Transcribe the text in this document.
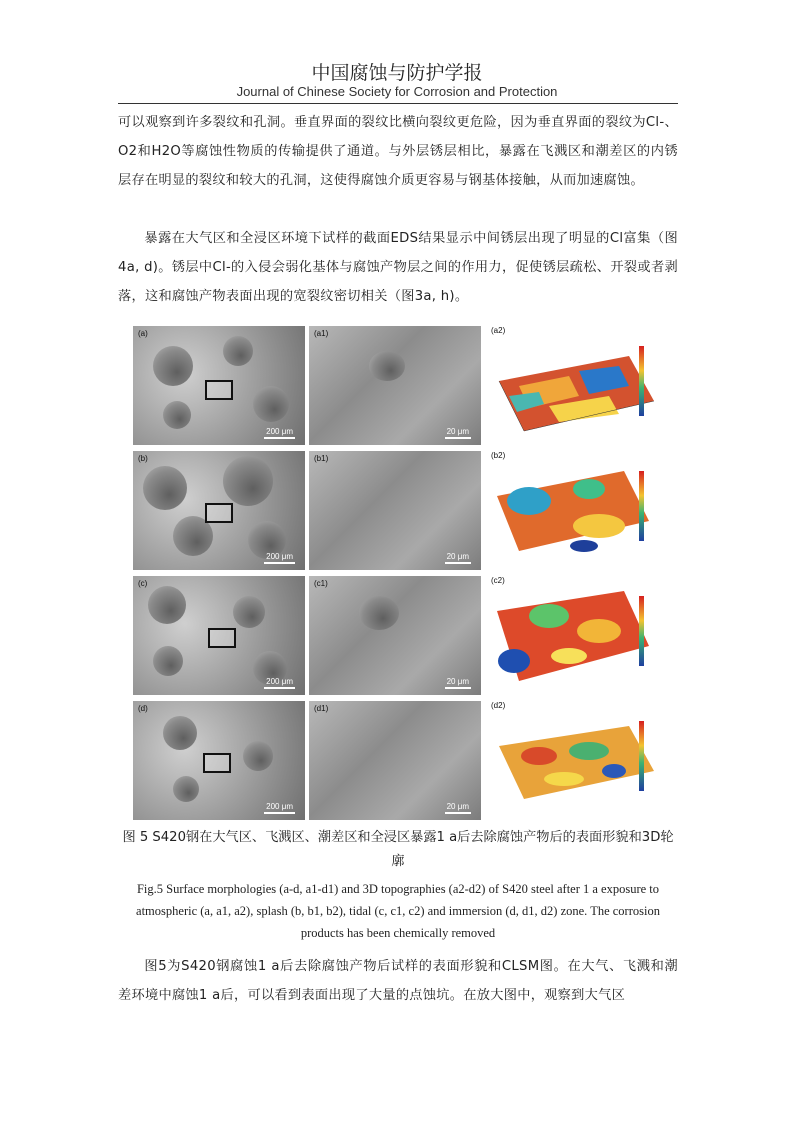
中国腐蚀与防护学报
Journal of Chinese Society for Corrosion and Protection
可以观察到许多裂纹和孔洞。垂直界面的裂纹比横向裂纹更危险，因为垂直界面的裂纹为Cl-、O2和H2O等腐蚀性物质的传输提供了通道。与外层锈层相比，暴露在飞溅区和潮差区的内锈层存在明显的裂纹和较大的孔洞，这使得腐蚀介质更容易与钢基体接触，从而加速腐蚀。
暴露在大气区和全浸区环境下试样的截面EDS结果显示中间锈层出现了明显的Cl富集（图4a, d)。锈层中Cl-的入侵会弱化基体与腐蚀产物层之间的作用力，促使锈层疏松、开裂或者剥落，这和腐蚀产物表面出现的宽裂纹密切相关（图3a, h)。
(a)
200 μm
(a1)
20 μm
(a2)
(b)
200 μm
(b1)
20 μm
(b2)
(c)
200 μm
(c1)
20 μm
(c2)
(d)
200 μm
(d1)
20 μm
(d2)
图 5 S420钢在大气区、飞溅区、潮差区和全浸区暴露1 a后去除腐蚀产物后的表面形貌和3D轮廓
Fig.5 Surface morphologies (a-d, a1-d1) and 3D topographies (a2-d2) of S420 steel after 1 a exposure to atmospheric (a, a1, a2), splash (b, b1, b2), tidal (c, c1, c2) and immersion (d, d1, d2) zone. The corrosion products has been chemically removed
图5为S420钢腐蚀1 a后去除腐蚀产物后试样的表面形貌和CLSM图。在大气、飞溅和潮差环境中腐蚀1 a后，可以看到表面出现了大量的点蚀坑。在放大图中，观察到大气区
